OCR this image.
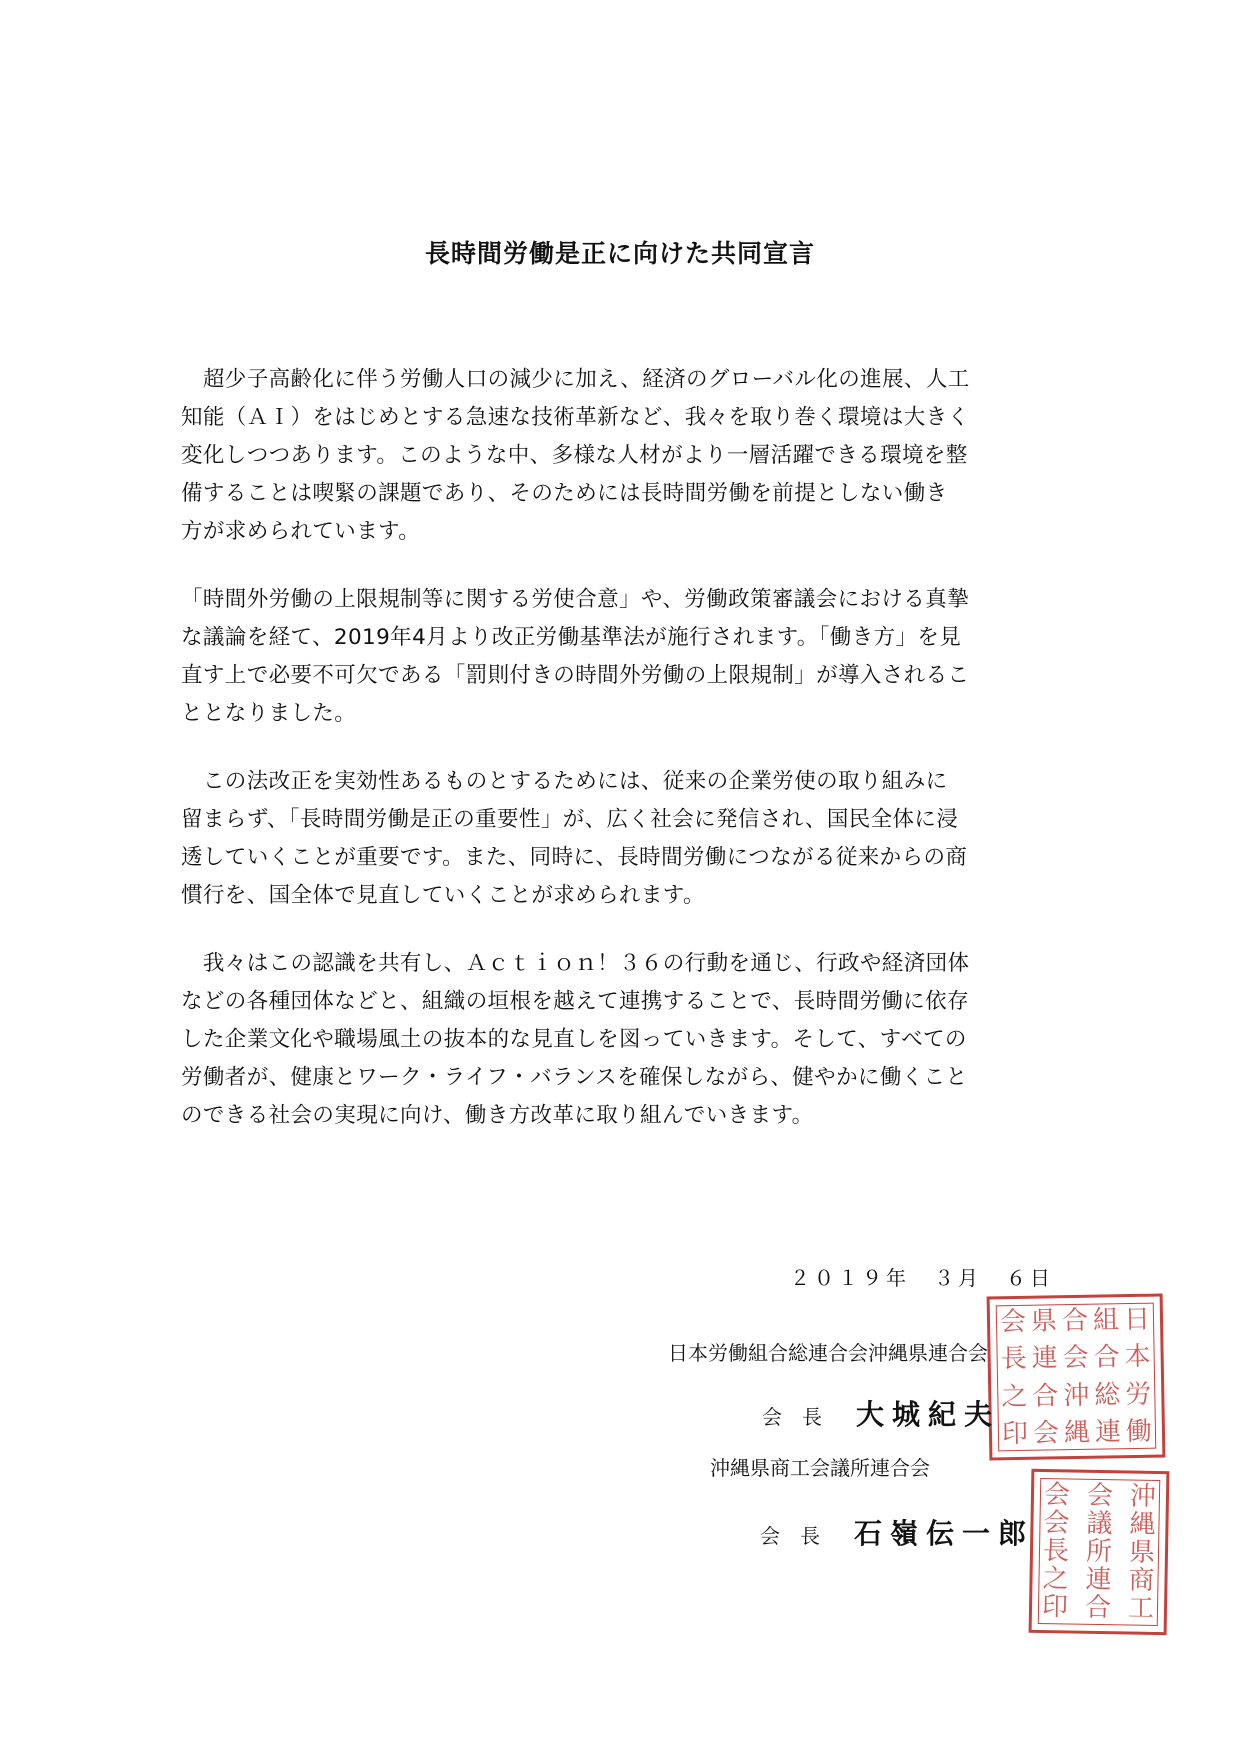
長時間労働是正に向けた共同宣言
　超少子高齢化に伴う労働人口の減少に加え、経済のグローバル化の進展、人工
知能（ＡＩ）をはじめとする急速な技術革新など、我々を取り巻く環境は大きく
変化しつつあります。このような中、多様な人材がより一層活躍できる環境を整
備することは喫緊の課題であり、そのためには長時間労働を前提としない働き
方が求められています。
「時間外労働の上限規制等に関する労使合意」や、労働政策審議会における真摯
な議論を経て、2019年4月より改正労働基準法が施行されます。「働き方」を見
直す上で必要不可欠である「罰則付きの時間外労働の上限規制」が導入されるこ
ととなりました。
　この法改正を実効性あるものとするためには、従来の企業労使の取り組みに
留まらず、「長時間労働是正の重要性」が、広く社会に発信され、国民全体に浸
透していくことが重要です。また、同時に、長時間労働につながる従来からの商
慣行を、国全体で見直していくことが求められます。
　我々はこの認識を共有し、Ａｃｔｉｏｎ！３６の行動を通じ、行政や経済団体
などの各種団体などと、組織の垣根を越えて連携することで、長時間労働に依存
した企業文化や職場風土の抜本的な見直しを図っていきます。そして、すべての
労働者が、健康とワーク・ライフ・バランスを確保しながら、健やかに働くこと
のできる社会の実現に向け、働き方改革に取り組んでいきます。
２０１９年　３月　６日
日
本
労
働
組
合
総
連
合
会
沖
縄
県
連
合
会
会
長
之
印
日本労働組合総連合会沖縄県連合会
会長 大城紀夫
沖
縄
県
商
工
会
議
所
連
合
会
会
長
之
印
沖縄県商工会議所連合会
会長 石嶺伝一郎
